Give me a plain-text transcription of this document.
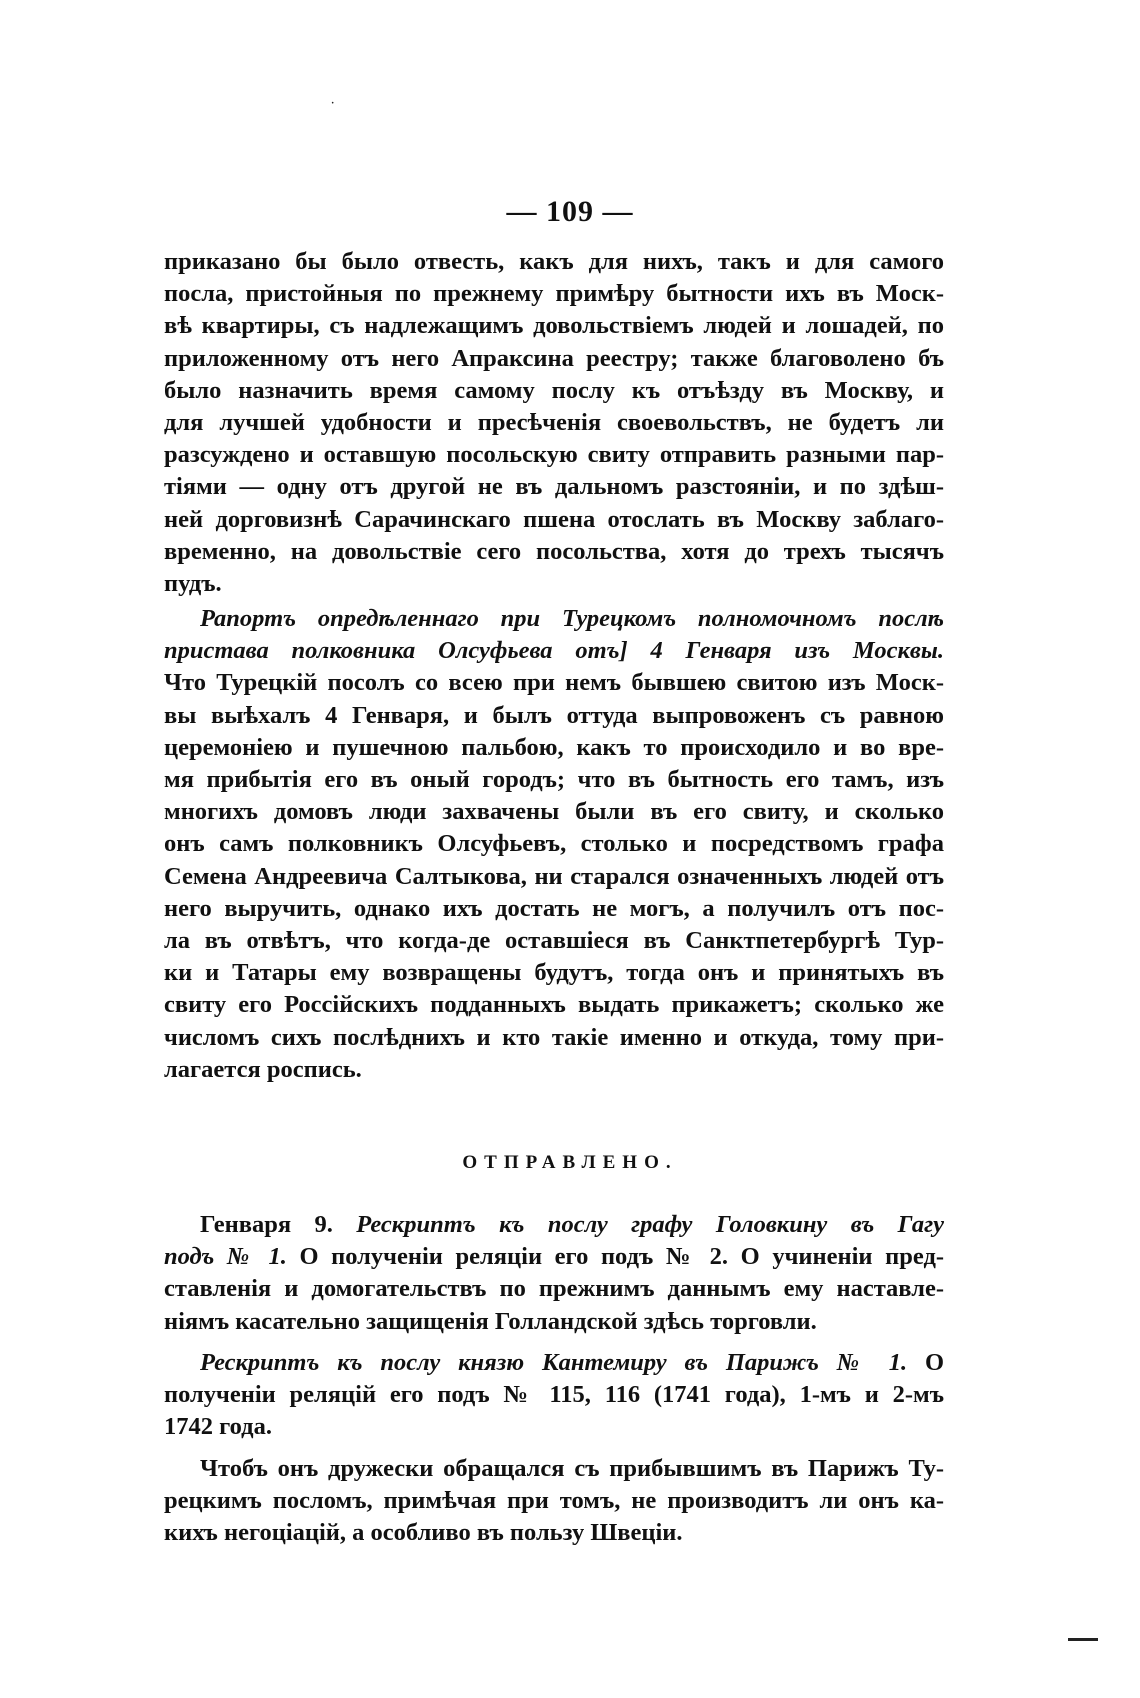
·
— 109 —
приказано бы было отвесть, какъ для нихъ, такъ и для самого
посла, пристойныя по прежнему примѣру бытности ихъ въ Моск-
вѣ квартиры, съ надлежащимъ довольствiемъ людей и лошадей, по
приложенному отъ него Апраксина реестру; также благоволено бъ
было назначить время самому послу къ отъѣзду въ Москву, и
для лучшей удобности и пресѣченiя своевольствъ, не будетъ ли
разсуждено и оставшую посольскую свиту отправить разными пар-
тiями — одну отъ другой не въ дальномъ разстоянiи, и по здѣш-
ней дорговизнѣ Сарачинскаго пшена отослать въ Москву заблаго-
временно, на довольствiе сего посольства, хотя до трехъ тысячъ
пудъ.
Рапортъ опредѣленнаго при Турецкомъ полномочномъ послѣ
пристава полковника Олсуфьева отъ] 4 Генваря изъ Москвы.
Что Турецкiй посолъ со всею при немъ бывшею свитою изъ Моск-
вы выѣхалъ 4 Генваря, и былъ оттуда выпровоженъ съ равною
церемонiею и пушечною пальбою, какъ то происходило и во вре-
мя прибытiя его въ оный городъ; что въ бытность его тамъ, изъ
многихъ домовъ люди захвачены были въ его свиту, и сколько
онъ самъ полковникъ Олсуфьевъ, столько и посредствомъ графа
Семена Андреевича Салтыкова, ни старался означенныхъ людей отъ
него выручить, однако ихъ достать не могъ, а получилъ отъ пос-
ла въ отвѣтъ, что когда-де оставшiеся въ Санктпетербургѣ Тур-
ки и Татары ему возвращены будутъ, тогда онъ и принятыхъ въ
свиту его Россiйскихъ подданныхъ выдать прикажетъ; сколько же
числомъ сихъ послѣднихъ и кто такiе именно и откуда, тому при-
лагается роспись.
ОТПРАВЛЕНО.
Генваря 9. Рескриптъ къ послу графу Головкину въ Гагу
подъ № 1. О полученiи реляцiи его подъ № 2. О учиненiи пред-
ставленiя и домогательствъ по прежнимъ даннымъ ему наставле-
нiямъ касательно защищенiя Голландской здѣсь торговли.
Рескриптъ къ послу князю Кантемиру въ Парижъ № 1. О
полученiи реляцiй его подъ № 115, 116 (1741 года), 1-мъ и 2-мъ
1742 года.
Чтобъ онъ дружески обращался съ прибывшимъ въ Парижъ Ту-
рецкимъ посломъ, примѣчая при томъ, не производитъ ли онъ ка-
кихъ негоцiацiй, а особливо въ пользу Швецiи.
